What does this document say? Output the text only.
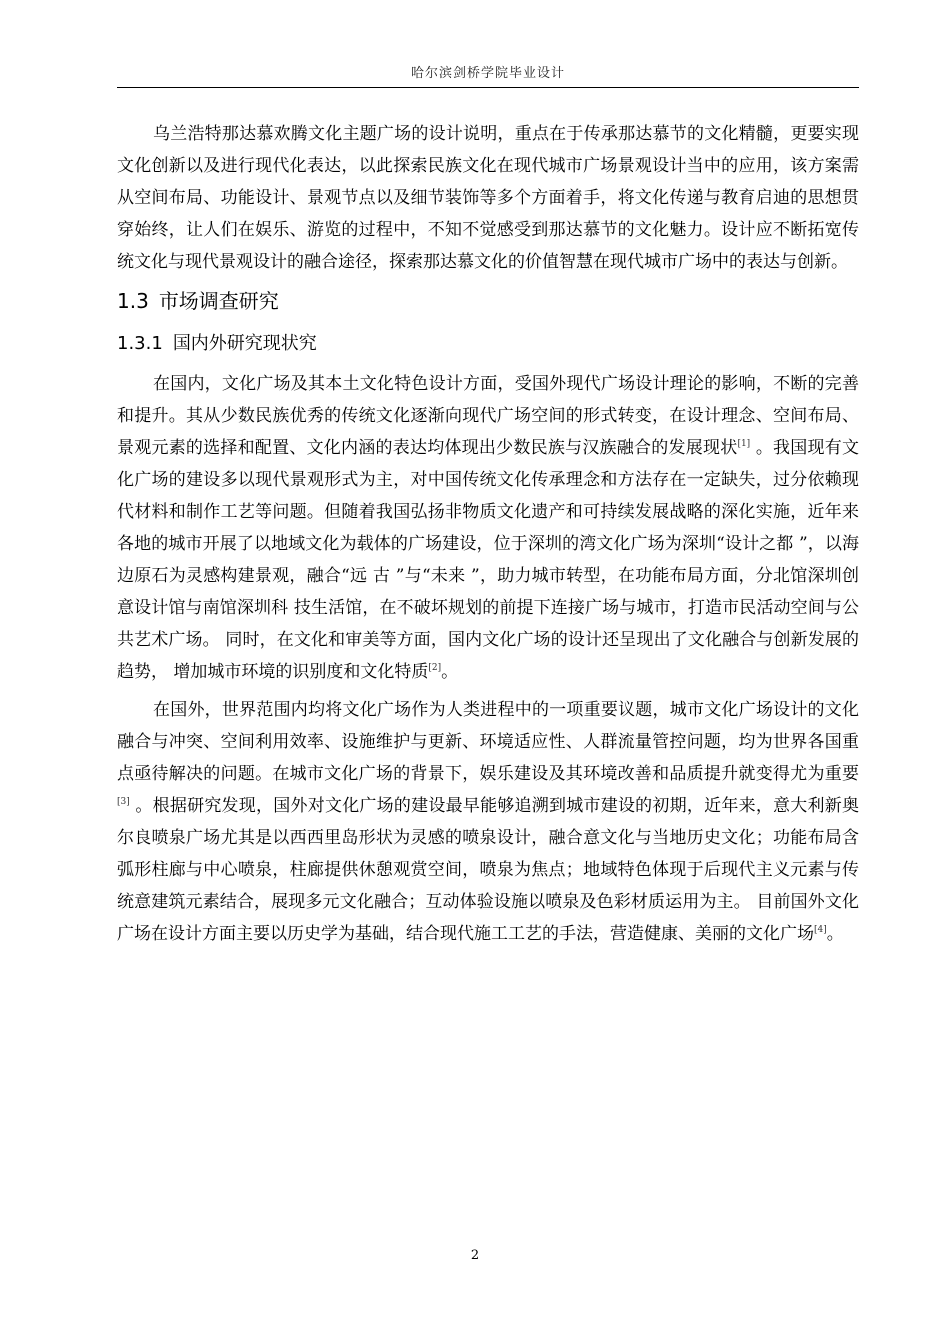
哈尔滨剑桥学院毕业设计

乌兰浩特那达慕欢腾文化主题广场的设计说明，重点在于传承那达慕节的文化精髓，更要实现文化创新以及进行现代化表达，以此探索民族文化在现代城市广场景观设计当中的应用，该方案需从空间布局、功能设计、景观节点以及细节装饰等多个方面着手，将文化传递与教育启迪的思想贯穿始终，让人们在娱乐、游览的过程中，不知不觉感受到那达慕节的文化魅力。设计应不断拓宽传统文化与现代景观设计的融合途径，探索那达慕文化的价值智慧在现代城市广场中的表达与创新。

1.3 市场调查研究
1.3.1 国内外研究现状究

在国内，文化广场及其本土文化特色设计方面，受国外现代广场设计理论的影响，不断的完善和提升。其从少数民族优秀的传统文化逐渐向现代广场空间的形式转变，在设计理念、空间布局、景观元素的选择和配置、文化内涵的表达均体现出少数民族与汉族融合的发展现状[1] 。我国现有文化广场的建设多以现代景观形式为主，对中国传统文化传承理念和方法存在一定缺失，过分依赖现代材料和制作工艺等问题。但随着我国弘扬非物质文化遗产和可持续发展战略的深化实施，近年来各地的城市开展了以地域文化为载体的广场建设，位于深圳的湾文化广场为深圳“设计之都 ”，以海边原石为灵感构建景观，融合“远 古 ”与“未来 ”，助力城市转型，在功能布局方面，分北馆深圳创意设计馆与南馆深圳科 技生活馆，在不破坏规划的前提下连接广场与城市，打造市民活动空间与公共艺术广场。 同时，在文化和审美等方面，国内文化广场的设计还呈现出了文化融合与创新发展的趋势， 增加城市环境的识别度和文化特质[2]。

在国外，世界范围内均将文化广场作为人类进程中的一项重要议题，城市文化广场设计的文化融合与冲突、空间利用效率、设施维护与更新、环境适应性、人群流量管控问题，均为世界各国重点亟待解决的问题。在城市文化广场的背景下，娱乐建设及其环境改善和品质提升就变得尤为重要[3] 。根据研究发现，国外对文化广场的建设最早能够追溯到城市建设的初期，近年来，意大利新奥尔良喷泉广场尤其是以西西里岛形状为灵感的喷泉设计，融合意文化与当地历史文化；功能布局含弧形柱廊与中心喷泉，柱廊提供休憩观赏空间，喷泉为焦点；地域特色体现于后现代主义元素与传统意建筑元素结合，展现多元文化融合；互动体验设施以喷泉及色彩材质运用为主。 目前国外文化广场在设计方面主要以历史学为基础，结合现代施工工艺的手法，营造健康、美丽的文化广场[4]。

2
